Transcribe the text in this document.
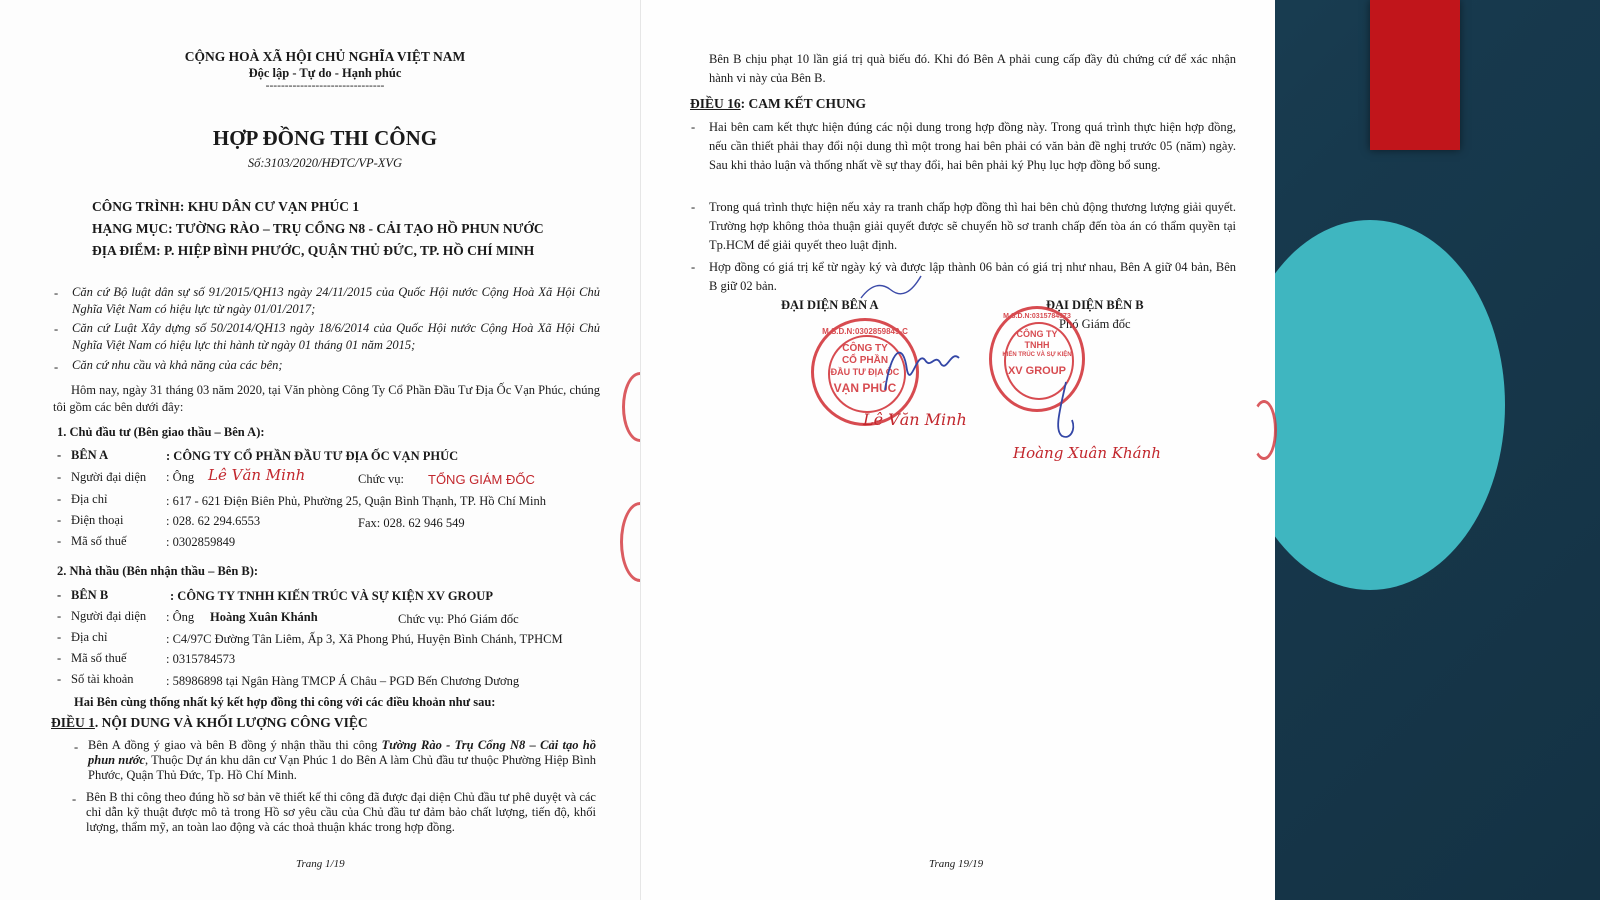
CỘNG HOÀ XÃ HỘI CHỦ NGHĨA VIỆT NAM
Độc lập - Tự do - Hạnh phúc
-------------------------------
HỢP ĐỒNG THI CÔNG
Số:3103/2020/HĐTC/VP-XVG
CÔNG TRÌNH: KHU DÂN CƯ VẠN PHÚC 1
HẠNG MỤC: TƯỜNG RÀO – TRỤ CỔNG N8 - CẢI TẠO HỒ PHUN NƯỚC
ĐỊA ĐIỂM: P. HIỆP BÌNH PHƯỚC, QUẬN THỦ ĐỨC, TP. HỒ CHÍ MINH
- Căn cứ Bộ luật dân sự số 91/2015/QH13 ngày 24/11/2015 của Quốc Hội nước Cộng Hoà Xã Hội Chủ Nghĩa Việt Nam có hiệu lực từ ngày 01/01/2017;
- Căn cứ Luật Xây dựng số 50/2014/QH13 ngày 18/6/2014 của Quốc Hội nước Cộng Hoà Xã Hội Chủ Nghĩa Việt Nam có hiệu lực thi hành từ ngày 01 tháng 01 năm 2015;
- Căn cứ nhu cầu và khả năng của các bên;
Hôm nay, ngày 31 tháng 03 năm 2020, tại Văn phòng Công Ty Cổ Phần Đầu Tư Địa Ốc Vạn Phúc, chúng tôi gồm các bên dưới đây:
1. Chủ đầu tư (Bên giao thầu – Bên A):
- BÊN A	: CÔNG TY CỔ PHẦN ĐẦU TƯ ĐỊA ỐC VẠN PHÚC
- Người đại diện : Ông Lê Văn Minh	Chức vụ: TỔNG GIÁM ĐỐC
- Địa chỉ	: 617 - 621 Điện Biên Phủ, Phường 25, Quận Bình Thạnh, TP. Hồ Chí Minh
- Điện thoại	: 028. 62 294.6553	Fax: 028. 62 946 549
- Mã số thuế	: 0302859849
2. Nhà thầu (Bên nhận thầu – Bên B):
- BÊN B	: CÔNG TY TNHH KIẾN TRÚC VÀ SỰ KIỆN XV GROUP
- Người đại diện : Ông Hoàng Xuân Khánh	Chức vụ: Phó Giám đốc
- Địa chỉ	: C4/97C Đường Tân Liêm, Ấp 3, Xã Phong Phú, Huyện Bình Chánh, TPHCM
- Mã số thuế	: 0315784573
- Số tài khoản	: 58986898 tại Ngân Hàng TMCP Á Châu – PGD Bến Chương Dương
Hai Bên cùng thống nhất ký kết hợp đồng thi công với các điều khoản như sau:
ĐIỀU 1. NỘI DUNG VÀ KHỐI LƯỢNG CÔNG VIỆC
- Bên A đồng ý giao và bên B đồng ý nhận thầu thi công Tường Rào - Trụ Cổng N8 – Cải tạo hồ phun nước, Thuộc Dự án khu dân cư Vạn Phúc 1 do Bên A làm Chủ đầu tư thuộc Phường Hiệp Bình Phước, Quận Thủ Đức, Tp. Hồ Chí Minh.
- Bên B thi công theo đúng hồ sơ bản vẽ thiết kế thi công đã được đại diện Chủ đầu tư phê duyệt và các chỉ dẫn kỹ thuật được mô tả trong Hồ sơ yêu cầu của Chủ đầu tư đảm bảo chất lượng, tiến độ, khối lượng, thẩm mỹ, an toàn lao động và các thoả thuận khác trong hợp đồng.
Trang 1/19
Bên B chịu phạt 10 lần giá trị quà biếu đó. Khi đó Bên A phải cung cấp đầy đủ chứng cứ để xác nhận hành vi này của Bên B.
ĐIỀU 16: CAM KẾT CHUNG
- Hai bên cam kết thực hiện đúng các nội dung trong hợp đồng này. Trong quá trình thực hiện hợp đồng, nếu cần thiết phải thay đổi nội dung thì một trong hai bên phải có văn bản đề nghị trước 05 (năm) ngày. Sau khi thảo luận và thống nhất về sự thay đổi, hai bên phải ký Phụ lục hợp đồng bổ sung.
- Trong quá trình thực hiện nếu xảy ra tranh chấp hợp đồng thì hai bên chủ động thương lượng giải quyết. Trường hợp không thỏa thuận giải quyết được sẽ chuyển hồ sơ tranh chấp đến tòa án có thẩm quyền tại Tp.HCM để giải quyết theo luật định.
- Hợp đồng có giá trị kể từ ngày ký và được lập thành 06 bản có giá trị như nhau, Bên A giữ 04 bản, Bên B giữ 02 bản.
ĐẠI DIỆN BÊN A	ĐẠI DIỆN BÊN B
Phó Giám đốc
M.S.D.N:0302859849-C
CÔNG TY
CỔ PHẦN
ĐẦU TƯ ĐỊA ỐC
VẠN PHÚC
M.S.D.N:0315784573
CÔNG TY
TNHH
KIẾN TRÚC VÀ SỰ KIỆN
XV GROUP
Lê Văn Minh
Hoàng Xuân Khánh
Trang 19/19
